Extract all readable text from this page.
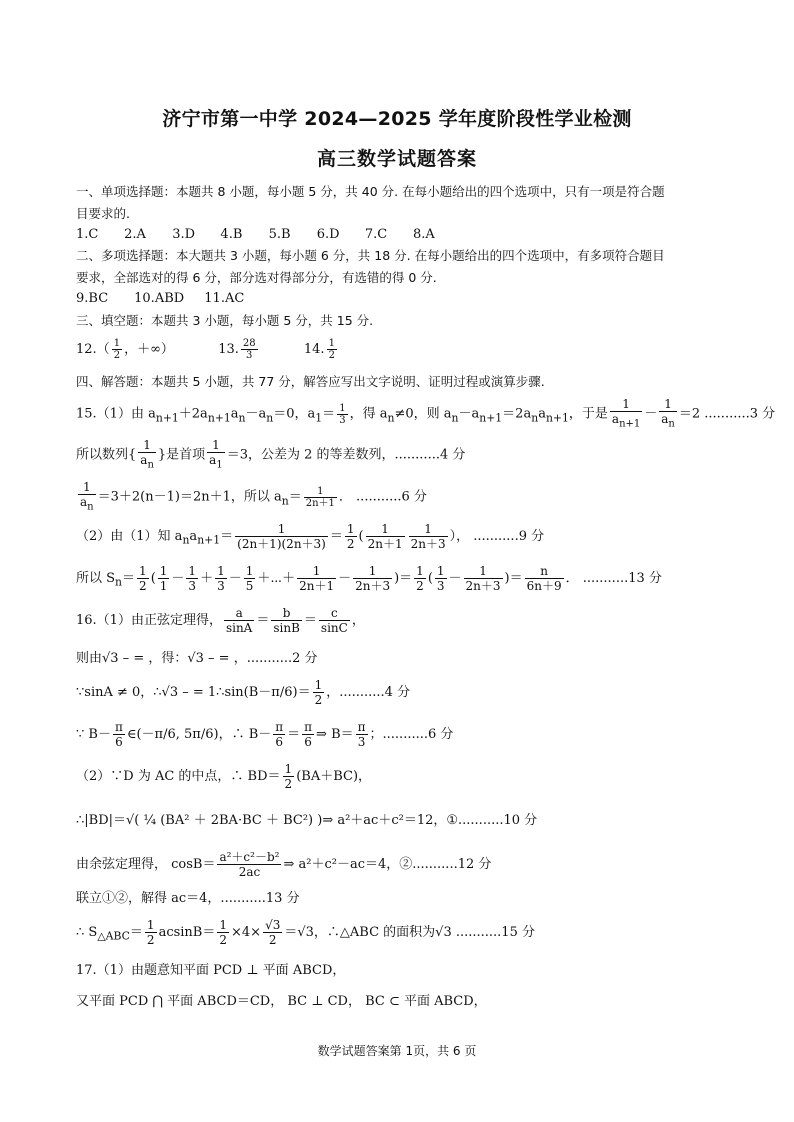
济宁市第一中学 2024—2025 学年度阶段性学业检测
高三数学试题答案
一、单项选择题：本题共 8 小题，每小题 5 分，共 40 分. 在每小题给出的四个选项中，只有一项是符合题
目要求的.
1.C 2.A 3.D 4.B 5.B 6.D 7.C 8.A
二、多项选择题：本大题共 3 小题，每小题 6 分，共 18 分. 在每小题给出的四个选项中，有多项符合题目
要求，全部选对的得 6 分，部分选对得部分分，有选错的得 0 分.
9.BC 10.ABD 11.AC
三、填空题：本题共 3 小题，每小题 5 分，共 15 分.
$12.( \frac{1}{2}$ ，＋∞）	13. $\frac{28}{3}$	14. $\frac{1}{2}$
四、解答题：本题共 5 小题，共 77 分，解答应写出文字说明、证明过程或演算步骤.
15.（1）由 $a_{n+1}+2a_{n+1}a_n-a_n=0$，$a_1= \frac{1}{3}$ ，得 $a_n\ne 0$，则 $a_n-a_{n+1}=2a_na_{n+1}$，于是 $\frac{1}{a_{n+1}} - \frac{1}{a_n} =2$ ...........3 分
所以数列{ $\frac{1}{a_n}$ }是首项 $\frac{1}{a_1} =3$，公差为 2 的等差数列，...........4 分
$\frac{1}{a_n} =3+2(n-1)=2n+1$，所以 $a_n= \frac{1}{2n+1}$ ． ...........6 分
（2）由（1）知 $a_na_{n+1}= \frac{1}{(2n+1)(2n+3)} = \frac{1}{2}$ ( $\frac{1}{2n+1} \frac{1}{2n+3}$ ）， ...........9 分
所以 $S_n= \frac{1}{2}$ ( $\frac{1}{1} - \frac{1}{3} + \frac{1}{3} - \frac{1}{5}$ ＋⋯＋ $\frac{1}{2n+1} - \frac{1}{2n+3}$ )＝ $\frac{1}{2}$ ( $\frac{1}{3} - \frac{1}{2n+3}$ )＝ $\frac{n}{6n+9}$ ． ...........13 分
16.（1）由正弦定理得， $\frac{a}{\sin A} = \frac{b}{\sin B} = \frac{c}{\sin C}$ ，
则由√3 – = ，得：√3 – = ，...........2 分
∵sinA ≠ 0，∴√3 – = 1∴sin(B－π/6)＝ $\frac{1}{2}$ ，...........4 分
∵ $B- \frac{\pi}{6}$ ∈(－π/6, 5π/6)，∴ $B- \frac{\pi}{6} = \frac{\pi}{6}$ ⇒ $B= \frac{\pi}{3}$ ；...........6 分
（2）∵D 为 AC 的中点，∴ $BD= \frac{1}{2} (BA+BC)$，
∴|BD|＝√( ¼ (BA² ＋ 2BA·BC ＋ BC²) )⇒ a²＋ac＋c²＝12，①...........10 分
由余弦定理得， $\cos B= \frac{\text{a²＋c²－b²}}{2ac}$ ⇒ a²＋c²－ac＝4，②...........12 分
联立①②，解得 ac＝4，...........13 分
∴ $S_{\triangle ABC}= \frac{1}{2} acsinB= \frac{1}{2} \times 4\times \frac{√3}{2} =√3$，∴△ABC 的面积为√3 ...........15 分
17.（1）由题意知平面 PCD ⊥ 平面 ABCD，
又平面 PCD ⋂ 平面 ABCD＝CD， BC ⊥ CD， BC ⊂ 平面 ABCD，
数学试题答案第 1页，共 6 页
